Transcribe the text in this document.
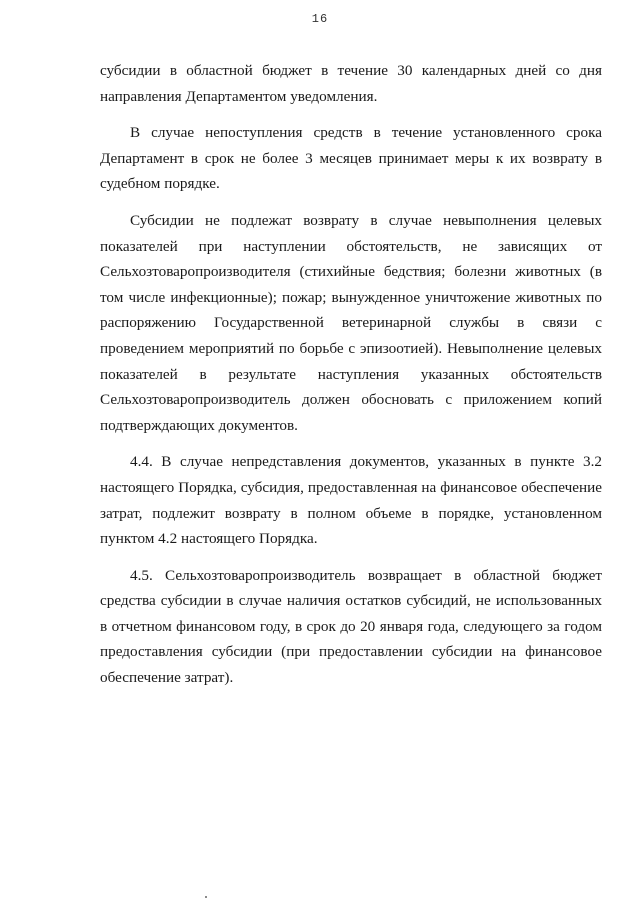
16

субсидии в областной бюджет в течение 30 календарных дней со дня направления Департаментом уведомления.

В случае непоступления средств в течение установленного срока Департамент в срок не более 3 месяцев принимает меры к их возврату в судебном порядке.

Субсидии не подлежат возврату в случае невыполнения целевых показателей при наступлении обстоятельств, не зависящих от Сельхозтоваропроизводителя (стихийные бедствия; болезни животных (в том числе инфекционные); пожар; вынужденное уничтожение животных по распоряжению Государственной ветеринарной службы в связи с проведением мероприятий по борьбе с эпизоотией). Невыполнение целевых показателей в результате наступления указанных обстоятельств Сельхозтоваропроизводитель должен обосновать с приложением копий подтверждающих документов.

4.4. В случае непредставления документов, указанных в пункте 3.2 настоящего Порядка, субсидия, предоставленная на финансовое обеспечение затрат, подлежит возврату в полном объеме в порядке, установленном пунктом 4.2 настоящего Порядка.

4.5. Сельхозтоваропроизводитель возвращает в областной бюджет средства субсидии в случае наличия остатков субсидий, не использованных в отчетном финансовом году, в срок до 20 января года, следующего за годом предоставления субсидии (при предоставлении субсидии на финансовое обеспечение затрат).
